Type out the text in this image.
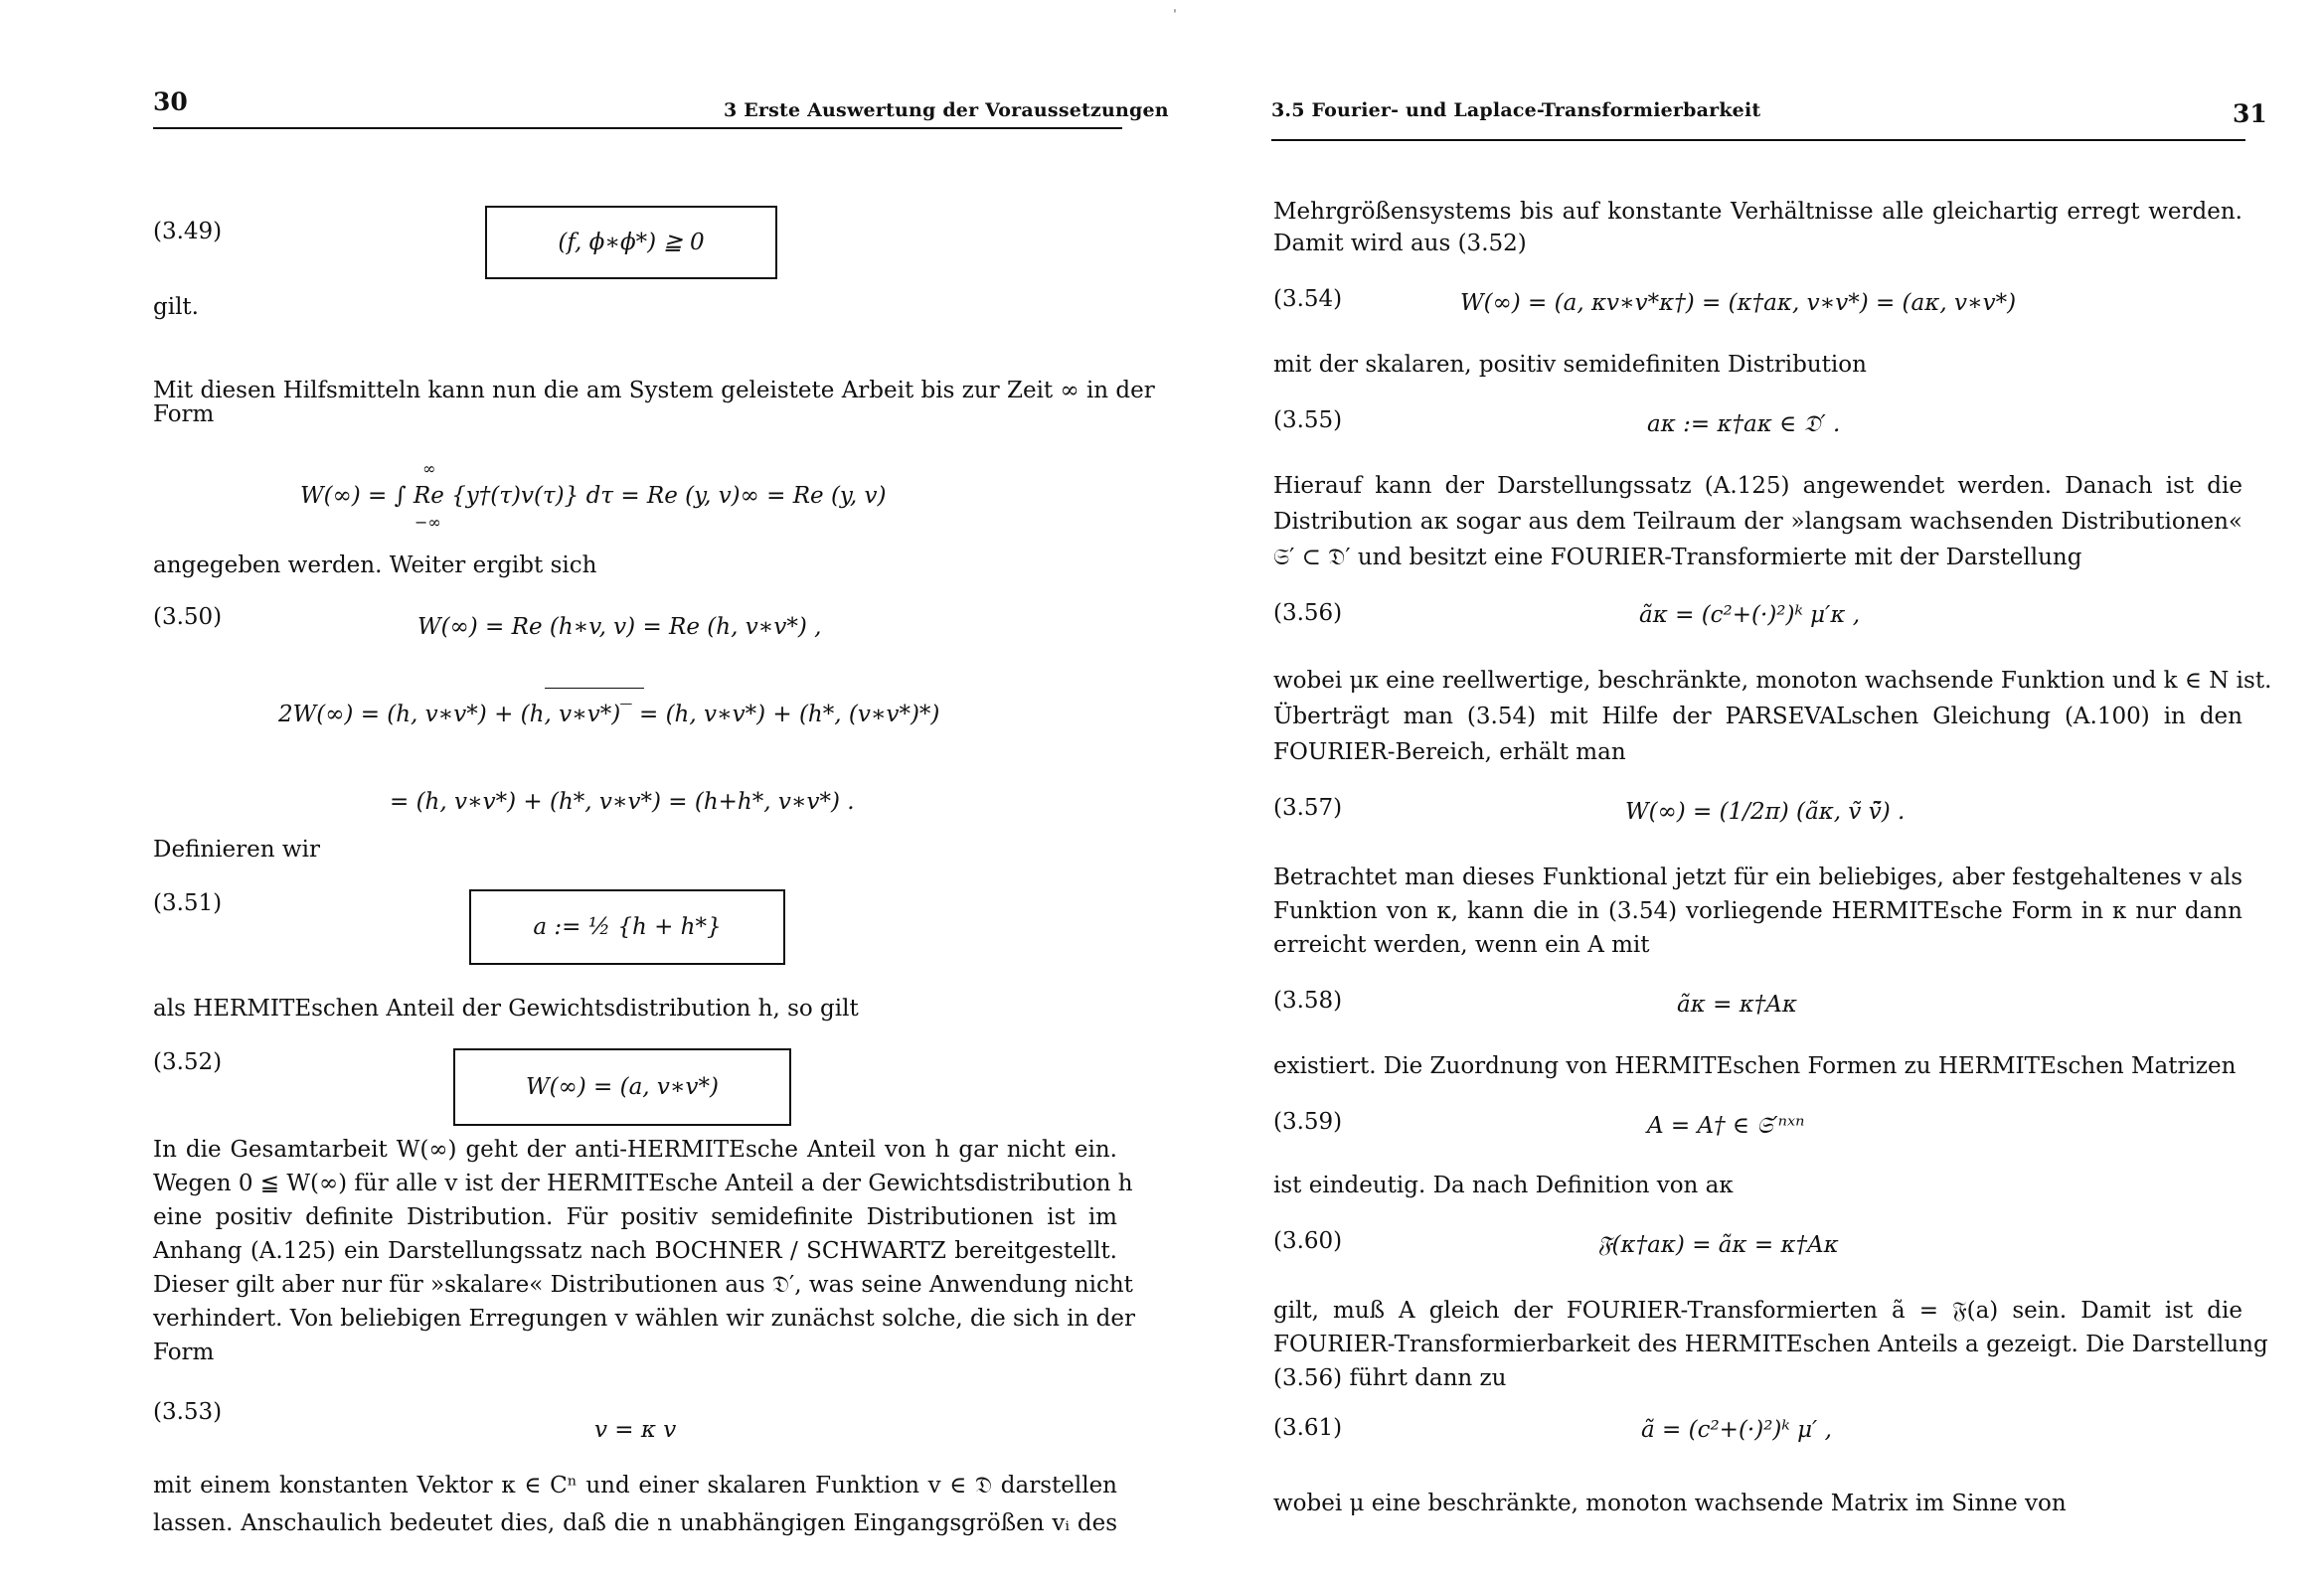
ˈ
30	3 Erste Auswertung der Voraussetzungen
(3.49)	(f, ϕ∗ϕ*) ≧ 0
gilt.
Mit diesen Hilfsmitteln kann nun die am System geleistete Arbeit bis zur Zeit ∞ in der
Form
∞
W(∞) = ∫ Re {y†(τ)v(τ)} dτ = Re (y, v)∞ = Re (y, v)
−∞
angegeben werden. Weiter ergibt sich
(3.50)	W(∞) = Re (h∗v, v) = Re (h, v∗v*) ,
2W(∞) = (h, v∗v*) + (h, v∗v*)‾ = (h, v∗v*) + (h*, (v∗v*)*)
= (h, v∗v*) + (h*, v∗v*) = (h+h*, v∗v*) .
Definieren wir
(3.51)
a := ½ {h + h*}
als HERMITEschen Anteil der Gewichtsdistribution h, so gilt
(3.52)
W(∞) = (a, v∗v*)
In die Gesamtarbeit W(∞) geht der anti-HERMITEsche Anteil von h gar nicht ein.
Wegen 0 ≦ W(∞) für alle v ist der HERMITEsche Anteil a der Gewichtsdistribution h
eine positiv definite Distribution. Für positiv semidefinite Distributionen ist im
Anhang (A.125) ein Darstellungssatz nach BOCHNER / SCHWARTZ bereitgestellt.
Dieser gilt aber nur für »skalare« Distributionen aus 𝔇′, was seine Anwendung nicht
verhindert. Von beliebigen Erregungen v wählen wir zunächst solche, die sich in der
Form
(3.53)
v = κ v
mit einem konstanten Vektor κ ∈ Cⁿ und einer skalaren Funktion v ∈ 𝔇 darstellen
lassen. Anschaulich bedeutet dies, daß die n unabhängigen Eingangsgrößen vᵢ des
3.5 Fourier- und Laplace-Transformierbarkeit	31
Mehrgrößensystems bis auf konstante Verhältnisse alle gleichartig erregt werden.
Damit wird aus (3.52)
(3.54)	W(∞) = (a, κv∗v*κ†) = (κ†aκ, v∗v*) = (aκ, v∗v*)
mit der skalaren, positiv semidefiniten Distribution
(3.55)	aκ := κ†aκ ∈ 𝔇′ .
Hierauf kann der Darstellungssatz (A.125) angewendet werden. Danach ist die
Distribution aκ sogar aus dem Teilraum der »langsam wachsenden Distributionen«
𝔖′ ⊂ 𝔇′ und besitzt eine FOURIER-Transformierte mit der Darstellung
(3.56)	ãκ = (c²+(·)²)ᵏ μ′κ ,
wobei μκ eine reellwertige, beschränkte, monoton wachsende Funktion und k ∈ N ist.
Überträgt man (3.54) mit Hilfe der PARSEVALschen Gleichung (A.100) in den
FOURIER-Bereich, erhält man
(3.57)	W(∞) = (1/2π) (ãκ, ṽ v̄̃) .
Betrachtet man dieses Funktional jetzt für ein beliebiges, aber festgehaltenes v als
Funktion von κ, kann die in (3.54) vorliegende HERMITEsche Form in κ nur dann
erreicht werden, wenn ein A mit
(3.58)	ãκ = κ†Aκ
existiert. Die Zuordnung von HERMITEschen Formen zu HERMITEschen Matrizen
(3.59)	A = A† ∈ 𝔖′ⁿˣⁿ
ist eindeutig. Da nach Definition von aκ
(3.60)	𝔉(κ†aκ) = ãκ = κ†Aκ
gilt, muß A gleich der FOURIER-Transformierten ã = 𝔉(a) sein. Damit ist die
FOURIER-Transformierbarkeit des HERMITEschen Anteils a gezeigt. Die Darstellung
(3.56) führt dann zu
(3.61)	ã = (c²+(·)²)ᵏ μ′ ,
wobei μ eine beschränkte, monoton wachsende Matrix im Sinne von
